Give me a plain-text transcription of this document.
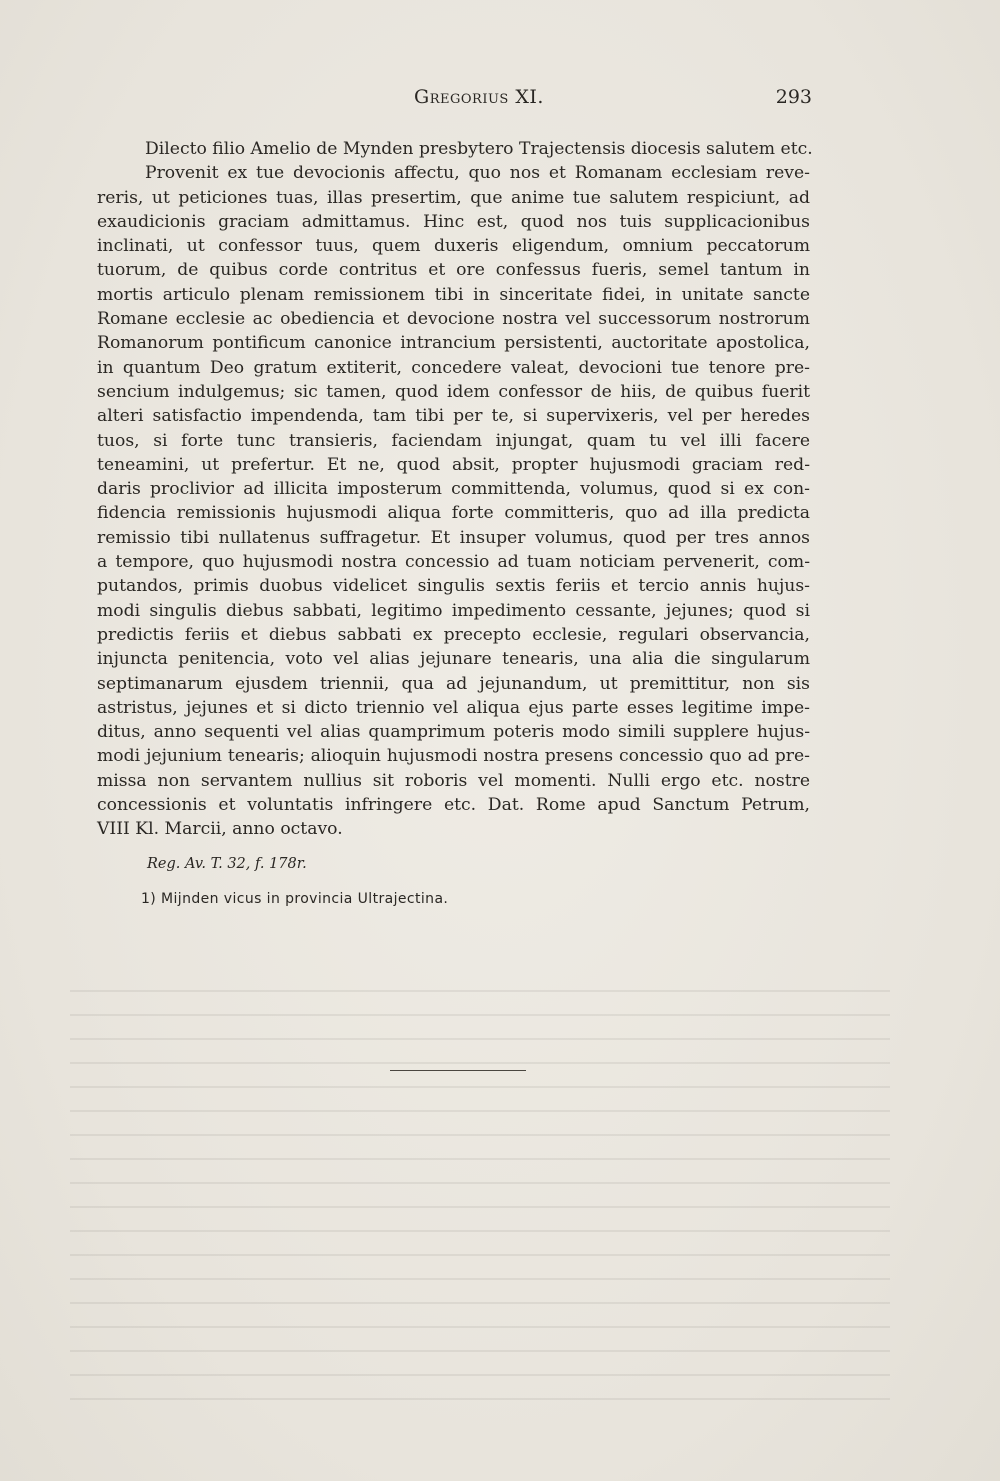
Gregorius XI.	293
Dilecto filio Amelio de Mynden presbytero Trajectensis diocesis salutem etc.
Provenit ex tue devocionis affectu, quo nos et Romanam ecclesiam reve-
reris, ut peticiones tuas, illas presertim, que anime tue salutem respiciunt, ad
exaudicionis graciam admittamus. Hinc est, quod nos tuis supplicacionibus
inclinati, ut confessor tuus, quem duxeris eligendum, omnium peccatorum
tuorum, de quibus corde contritus et ore confessus fueris, semel tantum in
mortis articulo plenam remissionem tibi in sinceritate fidei, in unitate sancte
Romane ecclesie ac obediencia et devocione nostra vel successorum nostrorum
Romanorum pontificum canonice intrancium persistenti, auctoritate apostolica,
in quantum Deo gratum extiterit, concedere valeat, devocioni tue tenore pre-
sencium indulgemus; sic tamen, quod idem confessor de hiis, de quibus fuerit
alteri satisfactio impendenda, tam tibi per te, si supervixeris, vel per heredes
tuos, si forte tunc transieris, faciendam injungat, quam tu vel illi facere
teneamini, ut prefertur. Et ne, quod absit, propter hujusmodi graciam red-
daris proclivior ad illicita imposterum committenda, volumus, quod si ex con-
fidencia remissionis hujusmodi aliqua forte committeris, quo ad illa predicta
remissio tibi nullatenus suffragetur. Et insuper volumus, quod per tres annos
a tempore, quo hujusmodi nostra concessio ad tuam noticiam pervenerit, com-
putandos, primis duobus videlicet singulis sextis feriis et tercio annis hujus-
modi singulis diebus sabbati, legitimo impedimento cessante, jejunes; quod si
predictis feriis et diebus sabbati ex precepto ecclesie, regulari observancia,
injuncta penitencia, voto vel alias jejunare tenearis, una alia die singularum
septimanarum ejusdem triennii, qua ad jejunandum, ut premittitur, non sis
astristus, jejunes et si dicto triennio vel aliqua ejus parte esses legitime impe-
ditus, anno sequenti vel alias quamprimum poteris modo simili supplere hujus-
modi jejunium tenearis; alioquin hujusmodi nostra presens concessio quo ad pre-
missa non servantem nullius sit roboris vel momenti. Nulli ergo etc. nostre
concessionis et voluntatis infringere etc. Dat. Rome apud Sanctum Petrum,
VIII Kl. Marcii, anno octavo.
Reg. Av. T. 32, f. 178r.
1) Mijnden vicus in provincia Ultrajectina.
